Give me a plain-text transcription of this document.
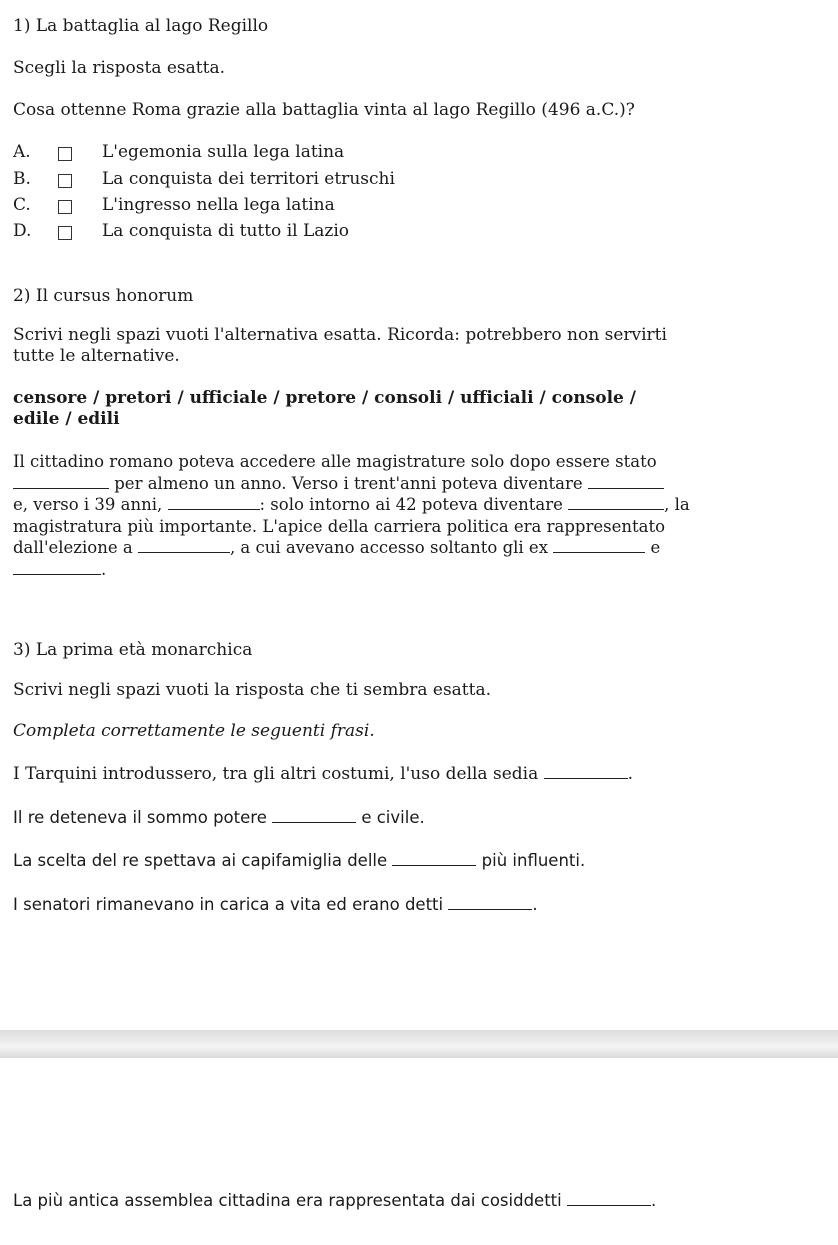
1) La battaglia al lago Regillo

Scegli la risposta esatta.

Cosa ottenne Roma grazie alla battaglia vinta al lago Regillo (496 a.C.)?

A.	L'egemonia sulla lega latina
B.	La conquista dei territori etruschi
C.	L'ingresso nella lega latina
D.	La conquista di tutto il Lazio

2) Il cursus honorum

Scrivi negli spazi vuoti l'alternativa esatta. Ricorda: potrebbero non servirti

tutte le alternative.

censore / pretori / ufficiale / pretore / consoli / ufficiali / console /

edile / edili

Il cittadino romano poteva accedere alle magistrature solo dopo essere stato
per almeno un anno. Verso i trent'anni poteva diventare
e, verso i 39 anni,	: solo intorno ai 42 poteva diventare	, la
magistratura più importante. L'apice della carriera politica era rappresentato
dall'elezione a	, a cui avevano accesso soltanto gli ex	e
.

3) La prima età monarchica

Scrivi negli spazi vuoti la risposta che ti sembra esatta.

Completa correttamente le seguenti frasi.

I Tarquini introdussero, tra gli altri costumi, l'uso della sedia	.
Il re deteneva il sommo potere	e civile.
La scelta del re spettava ai capifamiglia delle	più influenti.
I senatori rimanevano in carica a vita ed erano detti	.
La più antica assemblea cittadina era rappresentata dai cosiddetti	.
